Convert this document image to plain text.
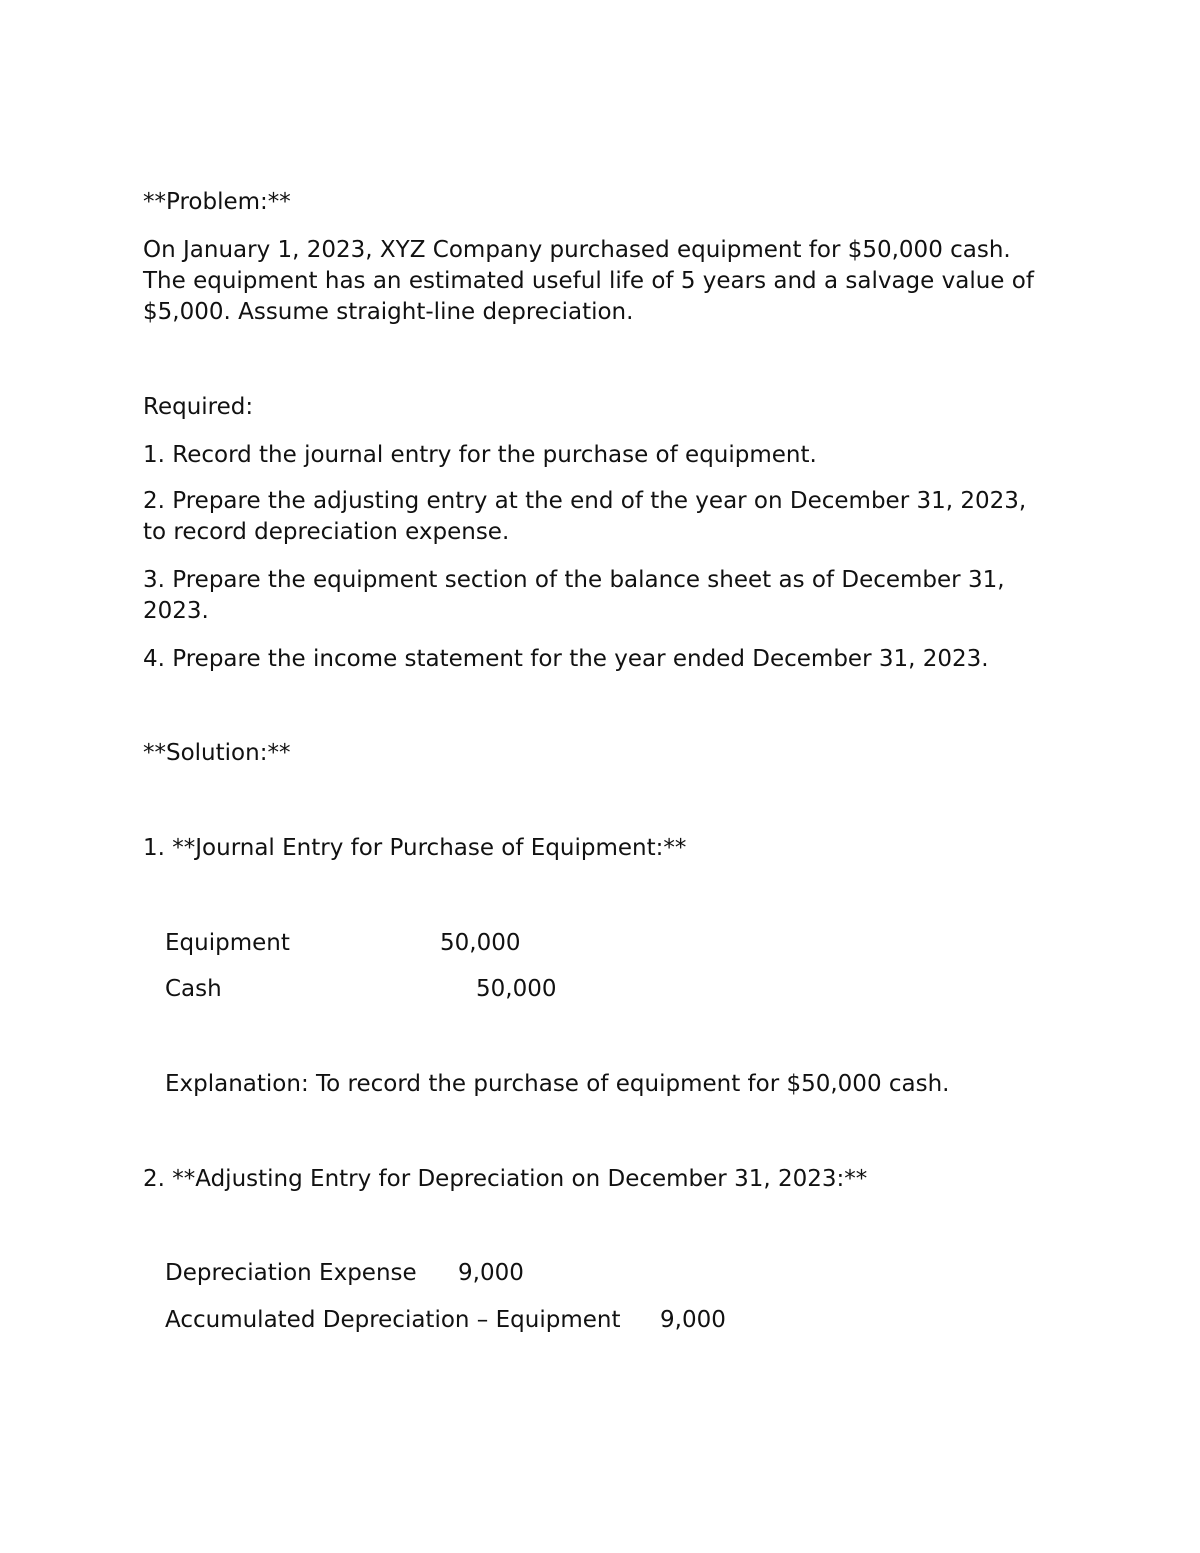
**Problem:**
On January 1, 2023, XYZ Company purchased equipment for $50,000 cash.
The equipment has an estimated useful life of 5 years and a salvage value of
$5,000. Assume straight-line depreciation.
Required:
1. Record the journal entry for the purchase of equipment.
2. Prepare the adjusting entry at the end of the year on December 31, 2023,
to record depreciation expense.
3. Prepare the equipment section of the balance sheet as of December 31,
2023.
4. Prepare the income statement for the year ended December 31, 2023.
**Solution:**
1. **Journal Entry for Purchase of Equipment:**
Equipment	50,000
Cash	50,000
Explanation: To record the purchase of equipment for $50,000 cash.
2. **Adjusting Entry for Depreciation on December 31, 2023:**
Depreciation Expense 9,000
Accumulated Depreciation – Equipment 9,000
